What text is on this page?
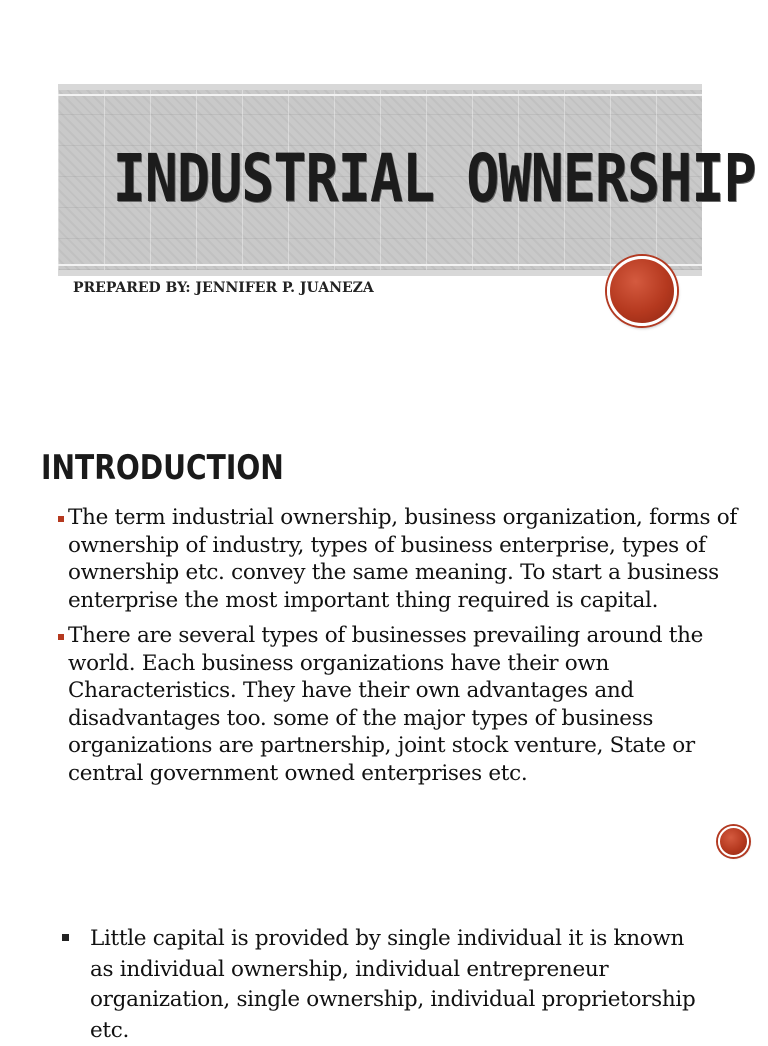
INDUSTRIAL OWNERSHIP

PREPARED BY: JENNIFER P. JUANEZA

INTRODUCTION
The term industrial ownership, business organization, forms of ownership of industry, types of business enterprise, types of ownership etc. convey the same meaning. To start a business enterprise the most important thing required is capital.
There are several types of businesses prevailing around the world. Each business organizations have their own Characteristics. They have their own advantages and disadvantages too. some of the major types of business organizations are partnership, joint stock venture, State or central government owned enterprises etc.
Little capital is provided by single individual it is known as individual ownership, individual entrepreneur organization, single ownership, individual proprietorship etc.
